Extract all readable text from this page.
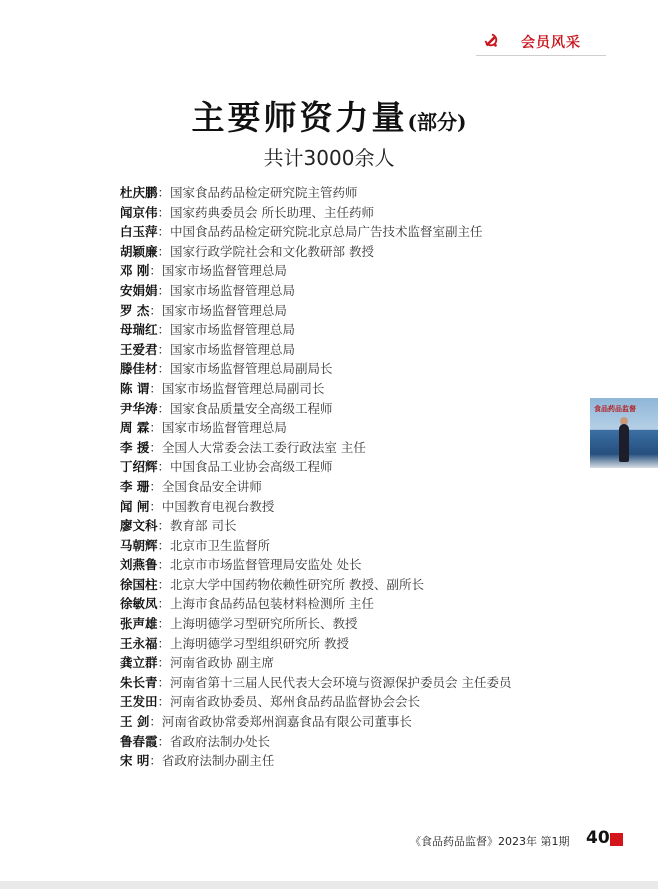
会员风采
主要师资力量(部分)
共计3000余人
杜庆鹏：国家食品药品检定研究院主管药师
闻京伟：国家药典委员会 所长助理、主任药师
白玉萍：中国食品药品检定研究院北京总局广告技术监督室副主任
胡颖廉：国家行政学院社会和文化教研部 教授
邓 刚：国家市场监督管理总局
安娟娟：国家市场监督管理总局
罗 杰：国家市场监督管理总局
母瑞红：国家市场监督管理总局
王爱君：国家市场监督管理总局
滕佳材：国家市场监督管理总局副局长
陈 谓：国家市场监督管理总局副司长
尹华涛：国家食品质量安全高级工程师
周 霖：国家市场监督管理总局
李 援：全国人大常委会法工委行政法室 主任
丁绍辉：中国食品工业协会高级工程师
李 珊：全国食品安全讲师
闻 闸：中国教育电视台教授
廖文科：教育部 司长
马朝辉：北京市卫生监督所
刘燕鲁：北京市市场监督管理局安监处 处长
徐国柱：北京大学中国药物依赖性研究所 教授、副所长
徐敏凤：上海市食品药品包装材料检测所 主任
张声雄：上海明德学习型研究所所长、教授
王永福：上海明德学习型组织研究所 教授
龚立群：河南省政协 副主席
朱长青：河南省第十三届人民代表大会环境与资源保护委员会 主任委员
王发田：河南省政协委员、郑州食品药品监督协会会长
王 剑：河南省政协常委郑州润嘉食品有限公司董事长
鲁春霞：省政府法制办处长
宋 明：省政府法制办副主任
食品药品监督
《食品药品监督》2023年 第1期 40
